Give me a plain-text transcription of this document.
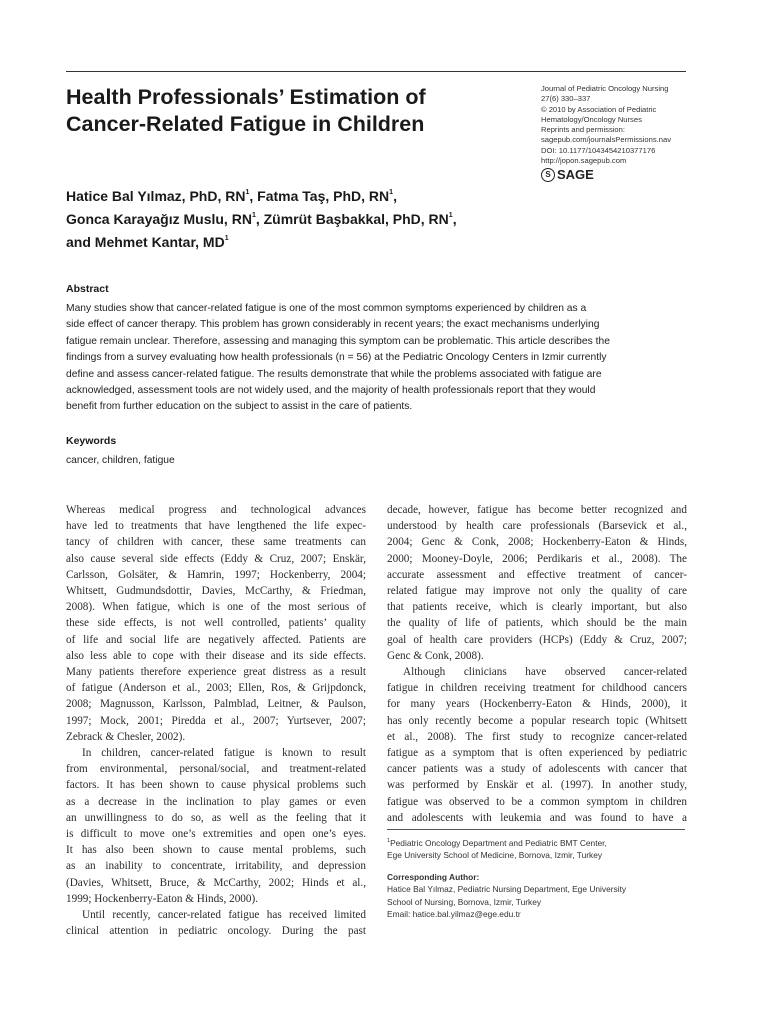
Health Professionals’ Estimation of
Cancer-Related Fatigue in Children
Journal of Pediatric Oncology Nursing
27(6) 330–337
© 2010 by Association of Pediatric
Hematology/Oncology Nurses
Reprints and permission:
sagepub.com/journalsPermissions.nav
DOI: 10.1177/1043454210377176
http://jopon.sagepub.com
S SAGE
Hatice Bal Yılmaz, PhD, $RN^1$, Fatma Taş, PhD, $RN^1$,
Gonca Karayağız Muslu, $RN^1$, Zümrüt Başbakkal, PhD, $RN^1$,
and Mehmet Kantar, $MD^1$
Abstract
Many studies show that cancer-related fatigue is one of the most common symptoms experienced by children as a
side effect of cancer therapy. This problem has grown considerably in recent years; the exact mechanisms underlying
fatigue remain unclear. Therefore, assessing and managing this symptom can be problematic. This article describes the
findings from a survey evaluating how health professionals (n = 56) at the Pediatric Oncology Centers in Izmir currently
define and assess cancer-related fatigue. The results demonstrate that while the problems associated with fatigue are
acknowledged, assessment tools are not widely used, and the majority of health professionals report that they would
benefit from further education on the subject to assist in the care of patients.
Keywords
cancer, children, fatigue
Whereas medical progress and technological advances
have led to treatments that have lengthened the life expec-
tancy of children with cancer, these same treatments can
also cause several side effects (Eddy & Cruz, 2007; Enskär,
Carlsson, Golsäter, & Hamrin, 1997; Hockenberry, 2004;
Whitsett, Gudmundsdottir, Davies, McCarthy, & Friedman,
2008). When fatigue, which is one of the most serious of
these side effects, is not well controlled, patients’ quality
of life and social life are negatively affected. Patients are
also less able to cope with their disease and its side effects.
Many patients therefore experience great distress as a result
of fatigue (Anderson et al., 2003; Ellen, Ros, & Grijpdonck,
2008; Magnusson, Karlsson, Palmblad, Leitner, & Paulson,
1997; Mock, 2001; Piredda et al., 2007; Yurtsever, 2007;
Zebrack & Chesler, 2002).
In children, cancer-related fatigue is known to result
from environmental, personal/social, and treatment-related
factors. It has been shown to cause physical problems such
as a decrease in the inclination to play games or even
an unwillingness to do so, as well as the feeling that it
is difficult to move one’s extremities and open one’s eyes.
It has also been shown to cause mental problems, such
as an inability to concentrate, irritability, and depression
(Davies, Whitsett, Bruce, & McCarthy, 2002; Hinds et al.,
1999; Hockenberry-Eaton & Hinds, 2000).
Until recently, cancer-related fatigue has received limited
clinical attention in pediatric oncology. During the past
decade, however, fatigue has become better recognized and
understood by health care professionals (Barsevick et al.,
2004; Genc & Conk, 2008; Hockenberry-Eaton & Hinds,
2000; Mooney-Doyle, 2006; Perdikaris et al., 2008). The
accurate assessment and effective treatment of cancer-
related fatigue may improve not only the quality of care
that patients receive, which is clearly important, but also
the quality of life of patients, which should be the main
goal of health care providers (HCPs) (Eddy & Cruz, 2007;
Genc & Conk, 2008).
Although clinicians have observed cancer-related
fatigue in children receiving treatment for childhood cancers
for many years (Hockenberry-Eaton & Hinds, 2000), it
has only recently become a popular research topic (Whitsett
et al., 2008). The first study to recognize cancer-related
fatigue as a symptom that is often experienced by pediatric
cancer patients was a study of adolescents with cancer that
was performed by Enskär et al. (1997). In another study,
fatigue was observed to be a common symptom in children
and adolescents with leukemia and was found to have a
$^1$Pediatric Oncology Department and Pediatric BMT Center,
Ege University School of Medicine, Bornova, Izmir, Turkey
Corresponding Author:
Hatice Bal Yılmaz, Pediatric Nursing Department, Ege University
School of Nursing, Bornova, Izmir, Turkey
Email: hatice.bal.yilmaz@ege.edu.tr
